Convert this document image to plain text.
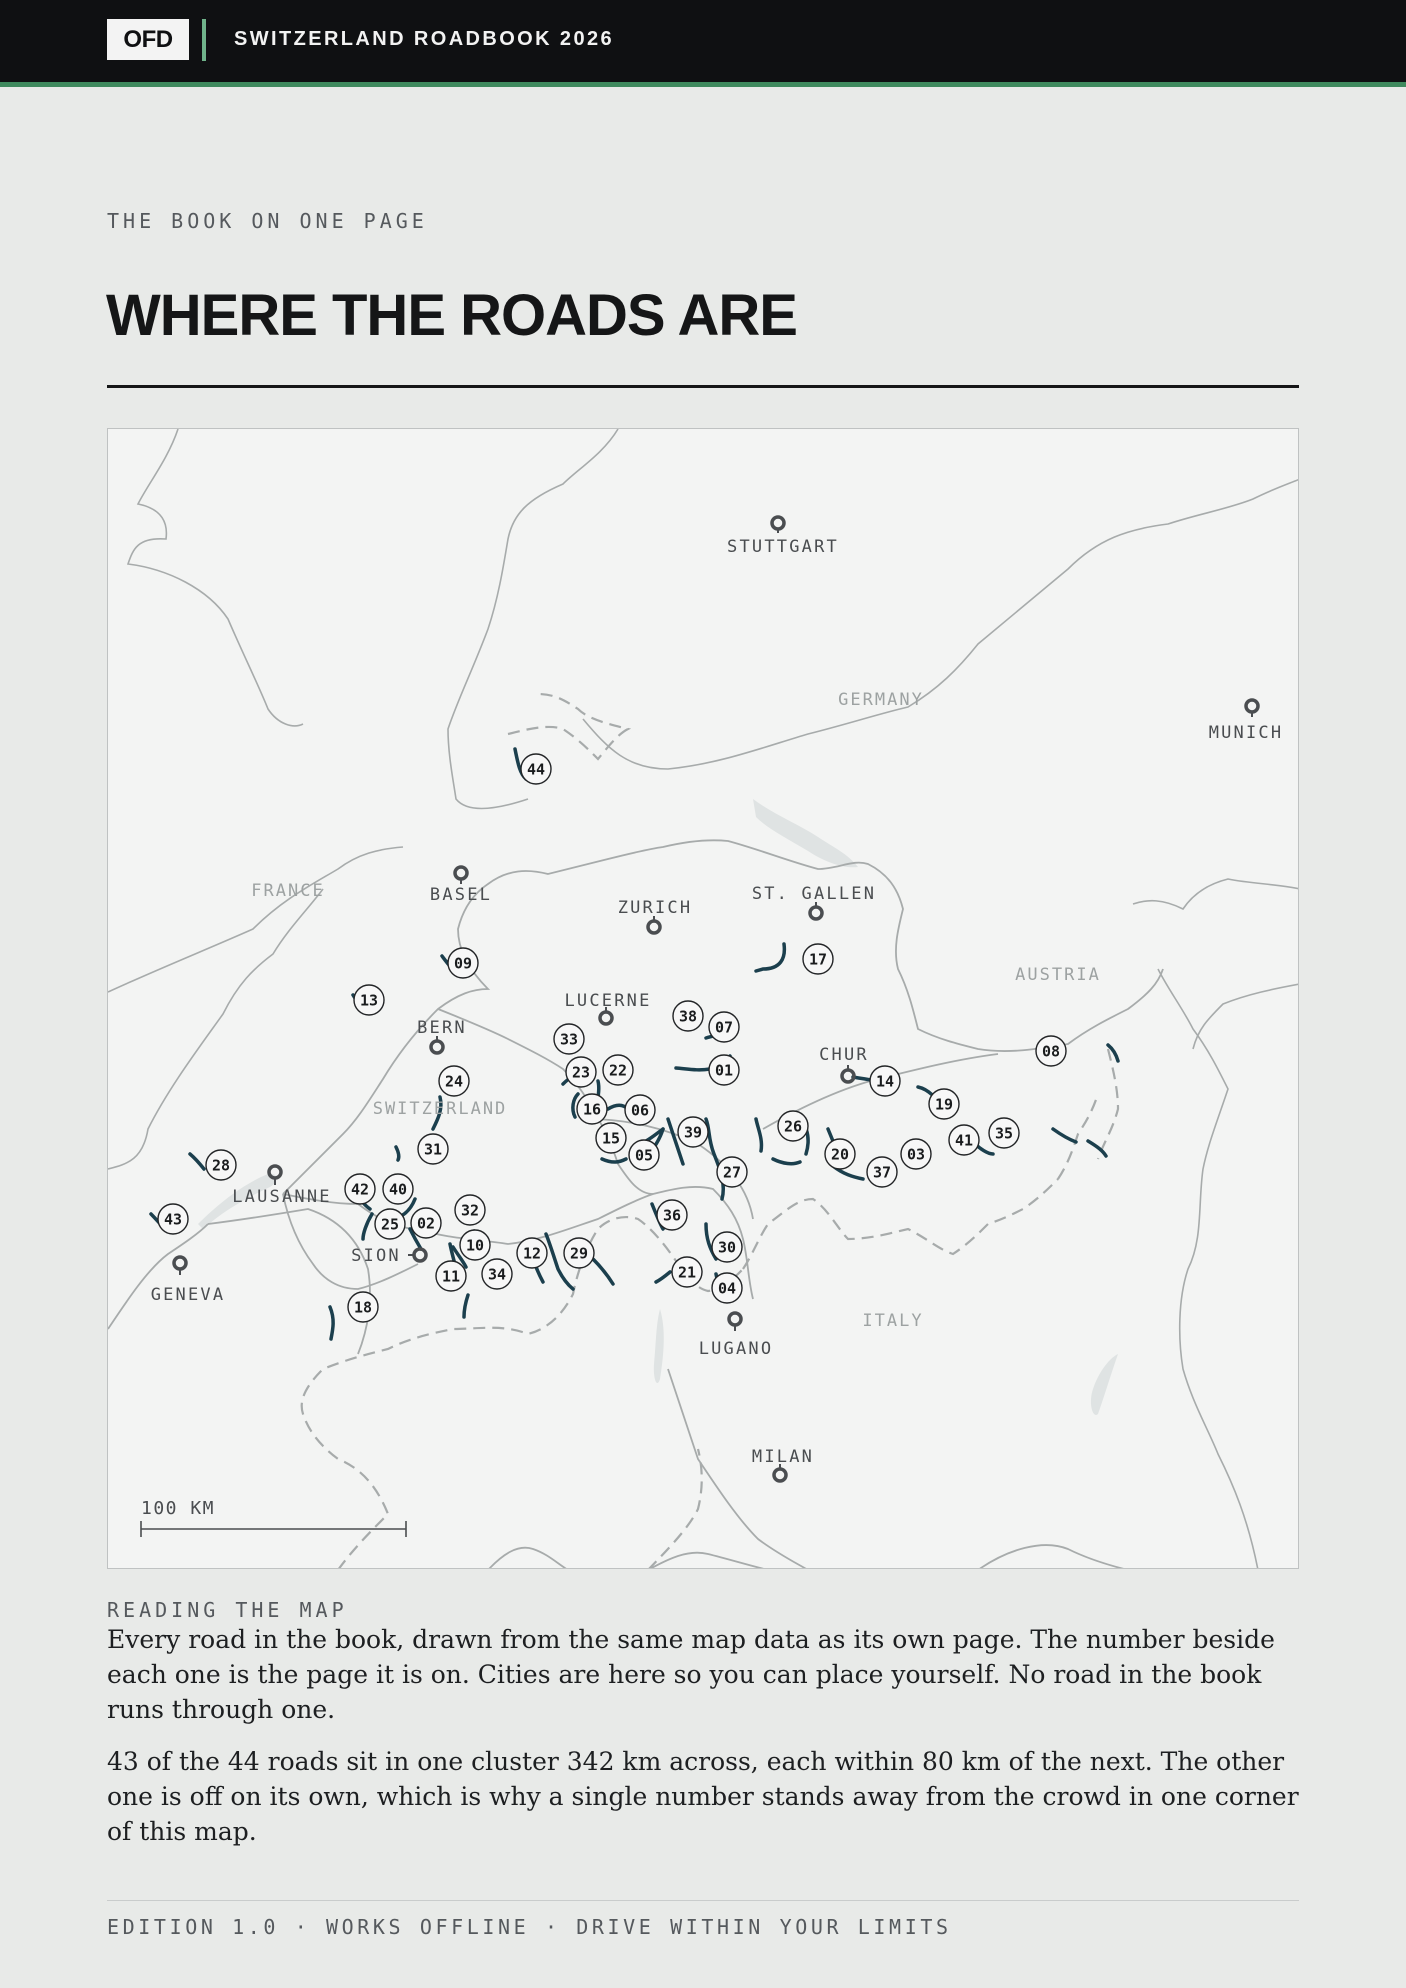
OFD	SWITZERLAND ROADBOOK 2026
THE BOOK ON ONE PAGE
WHERE THE ROADS ARE
44
09
13
17
38
07
33
23 22	01
08
14
24
16 06	19
39
15
05
26	35
41
03
20
37
31
28	27
42 40
43	25 02
32	36
10	12 29	30
34
11	21
04
18
GERMANY
FRANCE
AUSTRIA
SWITZERLAND
ITALY
STUTTGART
MUNICH
BASEL
ZURICH
ST. GALLEN
LUCERNE
BERN
CHUR
LAUSANNE
SION
GENEVA
LUGANO
MILAN
100 KM
READING THE MAP
Every road in the book, drawn from the same map data as its own page. The number beside each one is the page it is on. Cities are here so you can place yourself. No road in the book runs through one.
43 of the 44 roads sit in one cluster 342 km across, each within 80 km of the next. The other one is off on its own, which is why a single number stands away from the crowd in one corner of this map.
EDITION 1.0 · WORKS OFFLINE · DRIVE WITHIN YOUR LIMITS
